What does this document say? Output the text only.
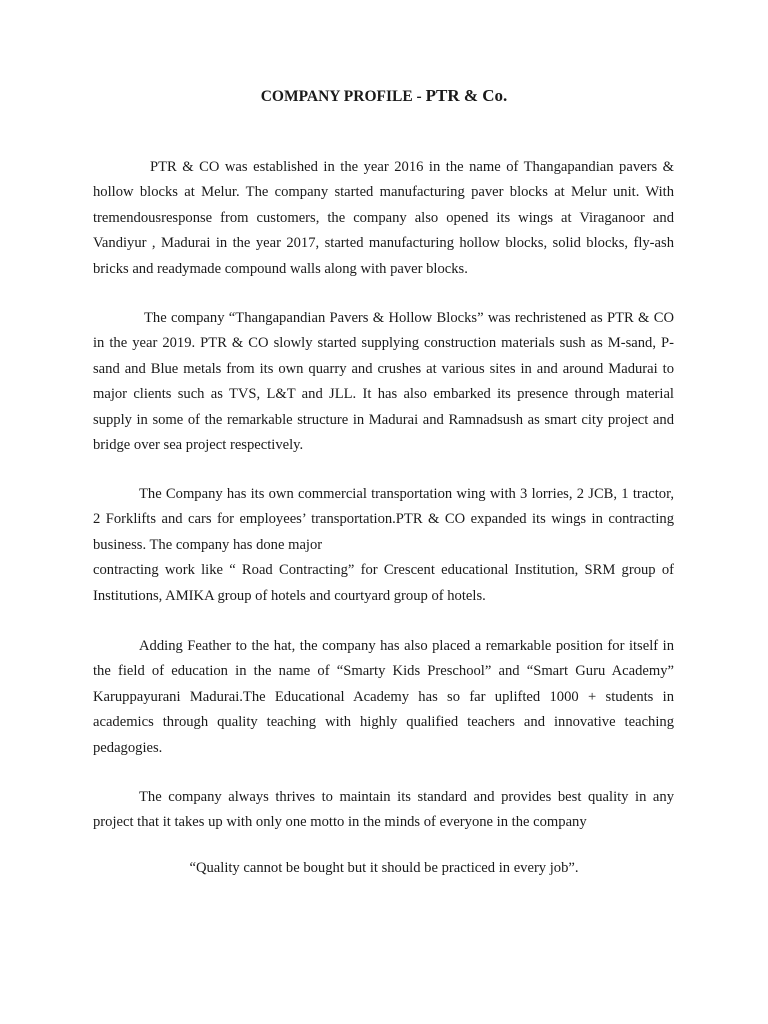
COMPANY PROFILE - PTR & Co.

PTR & CO was established in the year 2016 in the name of Thangapandian pavers & hollow blocks at Melur. The company started manufacturing paver blocks at Melur unit. With tremendousresponse from customers, the company also opened its wings at Viraganoor and Vandiyur , Madurai in the year 2017, started manufacturing hollow blocks, solid blocks, fly-ash bricks and readymade compound walls along with paver blocks.

The company “Thangapandian Pavers & Hollow Blocks” was rechristened as PTR & CO in the year 2019. PTR & CO slowly started supplying construction materials sush as M-sand, P-sand and Blue metals from its own quarry and crushes at various sites in and around Madurai to major clients such as TVS, L&T and JLL. It has also embarked its presence through material supply in some of the remarkable structure in Madurai and Ramnadsush as smart city project and bridge over sea project respectively.

The Company has its own commercial transportation wing with 3 lorries, 2 JCB, 1 tractor, 2 Forklifts and cars for employees’ transportation.PTR & CO expanded its wings in contracting business. The company has done major
contracting work like “ Road Contracting” for Crescent educational Institution, SRM group of Institutions, AMIKA group of hotels and courtyard group of hotels.

Adding Feather to the hat, the company has also placed a remarkable position for itself in the field of education in the name of “Smarty Kids Preschool” and “Smart Guru Academy” Karuppayurani Madurai.The Educational Academy has so far uplifted 1000 + students in academics through quality teaching with highly qualified teachers and innovative teaching pedagogies.

The company always thrives to maintain its standard and provides best quality in any project that it takes up with only one motto in the minds of everyone in the company

“Quality cannot be bought but it should be practiced in every job”.
